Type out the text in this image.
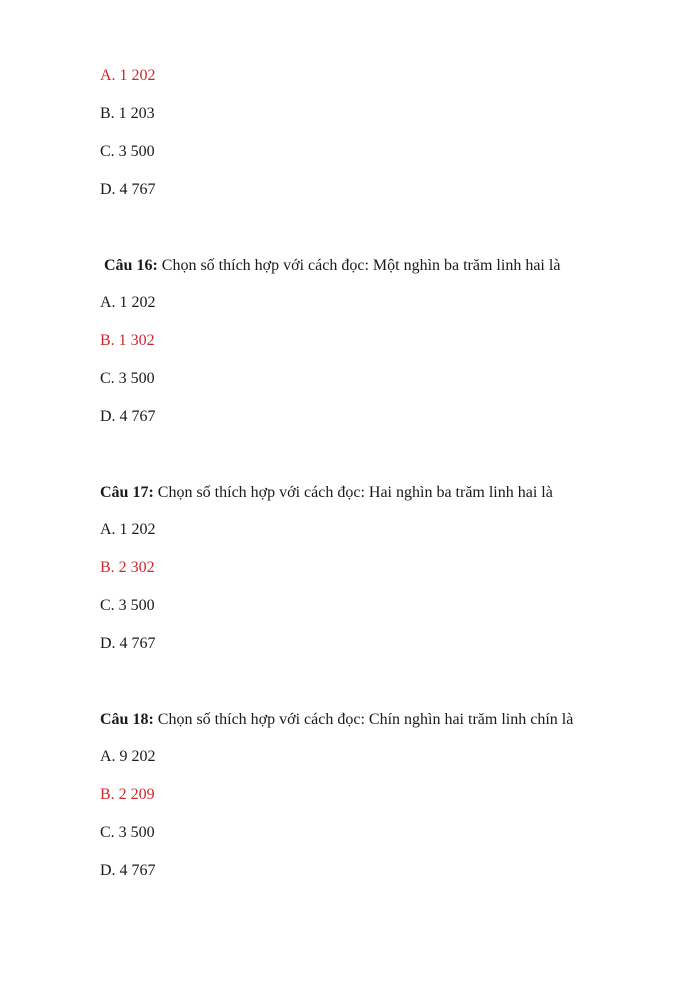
A. 1 202
B. 1 203
C. 3 500
D. 4 767
Câu 16: Chọn số thích hợp với cách đọc: Một nghìn ba trăm linh hai là
A. 1 202
B. 1 302
C. 3 500
D. 4 767
Câu 17: Chọn số thích hợp với cách đọc: Hai nghìn ba trăm linh hai là
A. 1 202
B. 2 302
C. 3 500
D. 4 767
Câu 18: Chọn số thích hợp với cách đọc: Chín nghìn hai trăm linh chín là
A. 9 202
B. 2 209
C. 3 500
D. 4 767
